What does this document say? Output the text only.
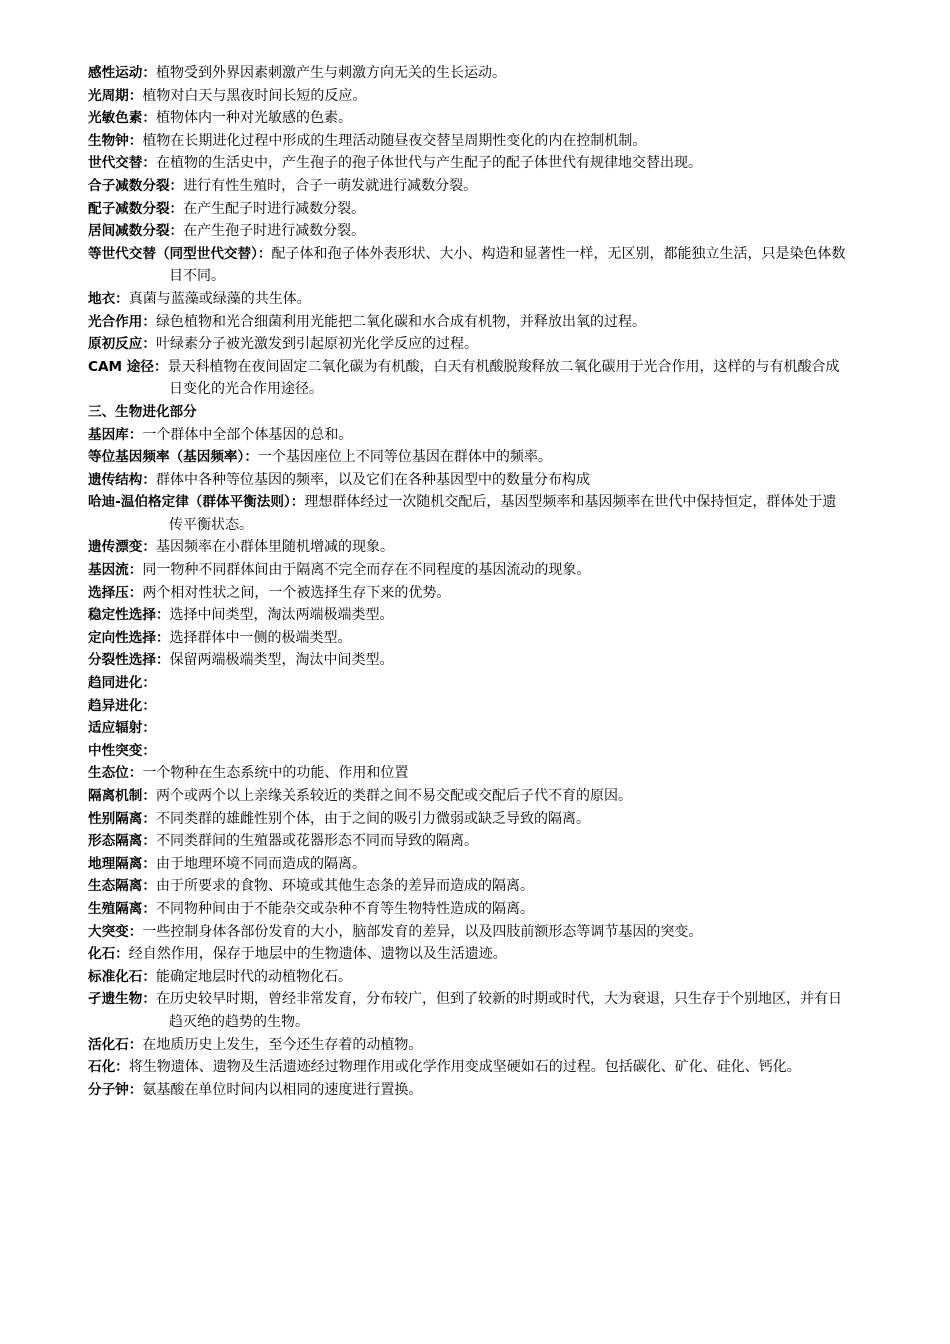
感性运动：植物受到外界因素刺激产生与刺激方向无关的生长运动。

光周期：植物对白天与黑夜时间长短的反应。

光敏色素：植物体内一种对光敏感的色素。

生物钟：植物在长期进化过程中形成的生理活动随昼夜交替呈周期性变化的内在控制机制。

世代交替：在植物的生活史中，产生孢子的孢子体世代与产生配子的配子体世代有规律地交替出现。

合子减数分裂：进行有性生殖时，合子一萌发就进行减数分裂。

配子减数分裂：在产生配子时进行减数分裂。

居间减数分裂：在产生孢子时进行减数分裂。

等世代交替（同型世代交替）：配子体和孢子体外表形状、大小、构造和显著性一样，无区别，都能独立生活，只是染色体数目不同。

地衣：真菌与蓝藻或绿藻的共生体。

光合作用：绿色植物和光合细菌利用光能把二氧化碳和水合成有机物，并释放出氧的过程。

原初反应：叶绿素分子被光激发到引起原初光化学反应的过程。

CAM 途径：景天科植物在夜间固定二氧化碳为有机酸，白天有机酸脱羧释放二氧化碳用于光合作用，这样的与有机酸合成日变化的光合作用途径。

三、生物进化部分

基因库：一个群体中全部个体基因的总和。

等位基因频率（基因频率）：一个基因座位上不同等位基因在群体中的频率。

遗传结构：群体中各种等位基因的频率，以及它们在各种基因型中的数量分布构成

哈迪-温伯格定律（群体平衡法则）：理想群体经过一次随机交配后，基因型频率和基因频率在世代中保持恒定，群体处于遗传平衡状态。

遗传漂变：基因频率在小群体里随机增减的现象。

基因流：同一物种不同群体间由于隔离不完全而存在不同程度的基因流动的现象。

选择压：两个相对性状之间，一个被选择生存下来的优势。

稳定性选择：选择中间类型，淘汰两端极端类型。

定向性选择：选择群体中一侧的极端类型。

分裂性选择：保留两端极端类型，淘汰中间类型。

趋同进化：

趋异进化：

适应辐射：

中性突变：

生态位：一个物种在生态系统中的功能、作用和位置

隔离机制：两个或两个以上亲缘关系较近的类群之间不易交配或交配后子代不育的原因。

性别隔离：不同类群的雄雌性别个体，由于之间的吸引力微弱或缺乏导致的隔离。

形态隔离：不同类群间的生殖器或花器形态不同而导致的隔离。

地理隔离：由于地理环境不同而造成的隔离。

生态隔离：由于所要求的食物、环境或其他生态条的差异而造成的隔离。

生殖隔离：不同物种间由于不能杂交或杂种不育等生物特性造成的隔离。

大突变：一些控制身体各部份发育的大小，脑部发育的差异，以及四肢前额形态等调节基因的突变。

化石：经自然作用，保存于地层中的生物遗体、遗物以及生活遗迹。

标准化石：能确定地层时代的动植物化石。

孑遗生物：在历史较早时期，曾经非常发育，分布较广，但到了较新的时期或时代，大为衰退，只生存于个别地区，并有日趋灭绝的趋势的生物。

活化石：在地质历史上发生，至今还生存着的动植物。

石化：将生物遗体、遗物及生活遗迹经过物理作用或化学作用变成坚硬如石的过程。包括碳化、矿化、硅化、钙化。

分子钟：氨基酸在单位时间内以相同的速度进行置换。
